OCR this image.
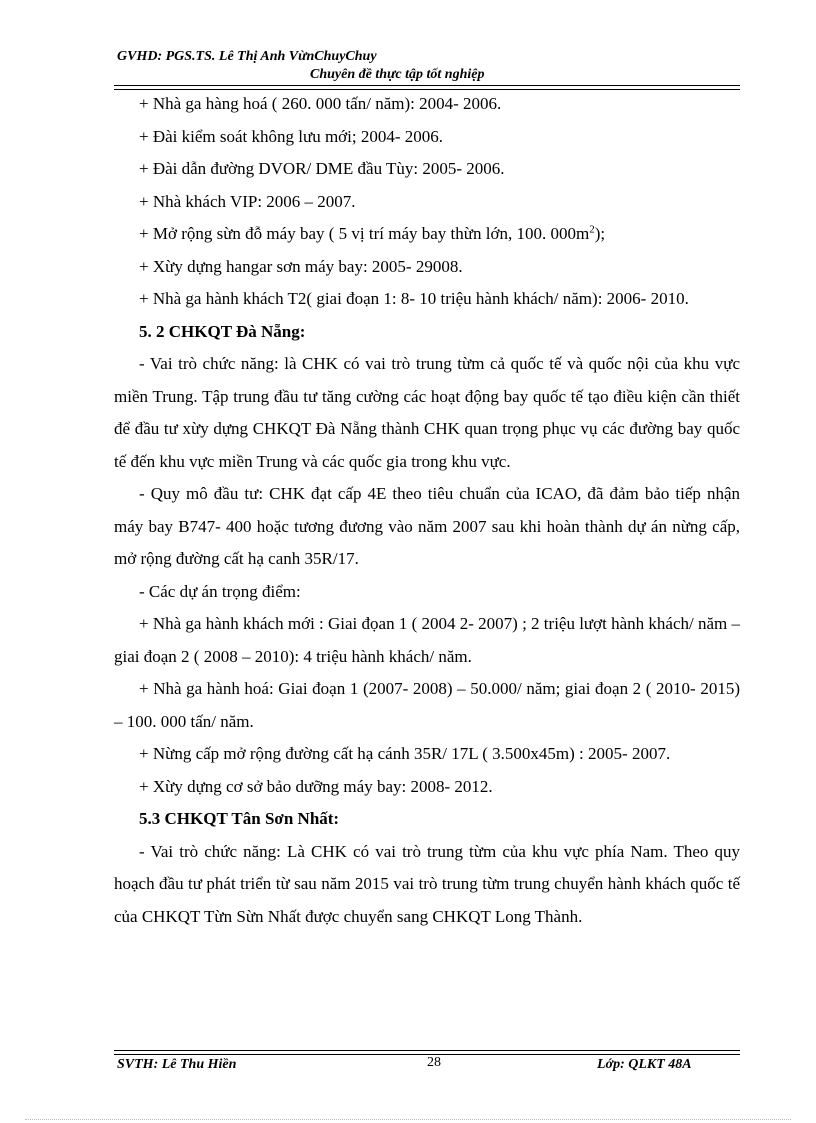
GVHD: PGS.TS. Lê Thị Anh VừnChuyChuy
Chuyên đề thực tập tốt nghiệp

+ Nhà ga hàng hoá ( 260. 000 tấn/ năm): 2004- 2006.

+ Đài kiểm soát không lưu mới; 2004- 2006.

+ Đài dẫn đường DVOR/ DME đầu Tùy: 2005- 2006.

+ Nhà khách VIP: 2006 – 2007.

+ Mở rộng sừn đỗ máy bay ( 5 vị trí máy bay thừn lớn, 100. $000m^2$);

+ Xừy dựng hangar sơn máy bay: 2005- 29008.

+ Nhà ga hành khách T2( giai đoạn 1: 8- 10 triệu hành khách/ năm): 2006- 2010.

5. 2 CHKQT Đà Nẵng:

- Vai trò chức năng: là CHK có vai trò trung từm cả quốc tế và quốc nội của khu vực miền Trung. Tập trung đầu tư tăng cường các hoạt động bay quốc tế tạo điều kiện cần thiết để đầu tư xừy dựng CHKQT Đà Nẵng thành CHK quan trọng phục vụ các đường bay quốc tế đến khu vực miền Trung và các quốc gia trong khu vực.

- Quy mô đầu tư: CHK đạt cấp 4E theo tiêu chuẩn của ICAO, đã đảm bảo tiếp nhận máy bay B747- 400 hoặc tương đương vào năm 2007 sau khi hoàn thành dự án nừng cấp, mở rộng đường cất hạ canh 35R/17.

- Các dự án trọng điểm:

+ Nhà ga hành khách mới : Giai đọan 1 ( 2004 2- 2007) ; 2 triệu lượt hành khách/ năm – giai đoạn 2 ( 2008 – 2010): 4 triệu hành khách/ năm.

+ Nhà ga hành hoá: Giai đoạn 1 (2007- 2008) – 50.000/ năm; giai đoạn 2 ( 2010- 2015) – 100. 000 tấn/ năm.

+ Nừng cấp mở rộng đường cất hạ cánh 35R/ 17L ( 3.500x45m) : 2005- 2007.

+ Xừy dựng cơ sở bảo dưỡng máy bay: 2008- 2012.

5.3 CHKQT Tân Sơn Nhất:

- Vai trò chức năng: Là CHK có vai trò trung từm của khu vực phía Nam. Theo quy hoạch đầu tư phát triển từ sau năm 2015 vai trò trung từm trung chuyển hành khách quốc tế của CHKQT Từn Sừn Nhất được chuyển sang CHKQT Long Thành.

SVTH: Lê Thu Hiền	28	Lớp: QLKT 48A
